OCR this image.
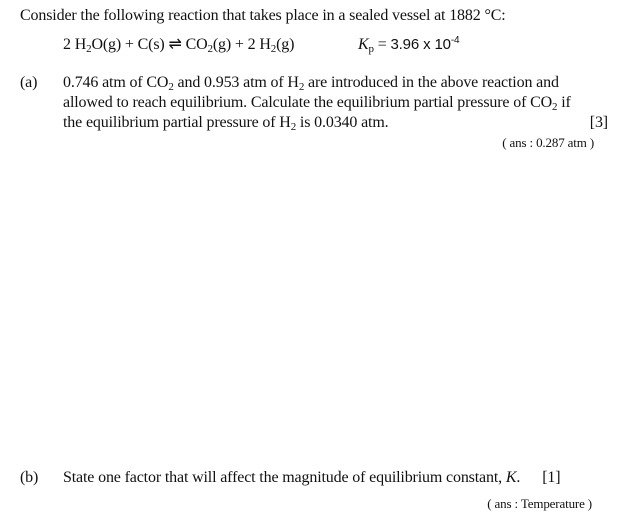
Consider the following reaction that takes place in a sealed vessel at 1882 °C:
2 $H_2O(g) + C(s)$ ⇌ $CO_2(g) + 2$ $H_2(g)$	$K_p = 3.96$ x $10^{-4}$
(a)	0.746 atm of $CO_2$ and 0.953 atm of $H_2$ are introduced in the above reaction and
allowed to reach equilibrium. Calculate the equilibrium partial pressure of $CO_2$ if
the equilibrium partial pressure of $H_2$ is 0.0340 atm.	[3]
( ans : 0.287 atm )
(b)	State one factor that will affect the magnitude of equilibrium constant, K. [1]
( ans : Temperature )
